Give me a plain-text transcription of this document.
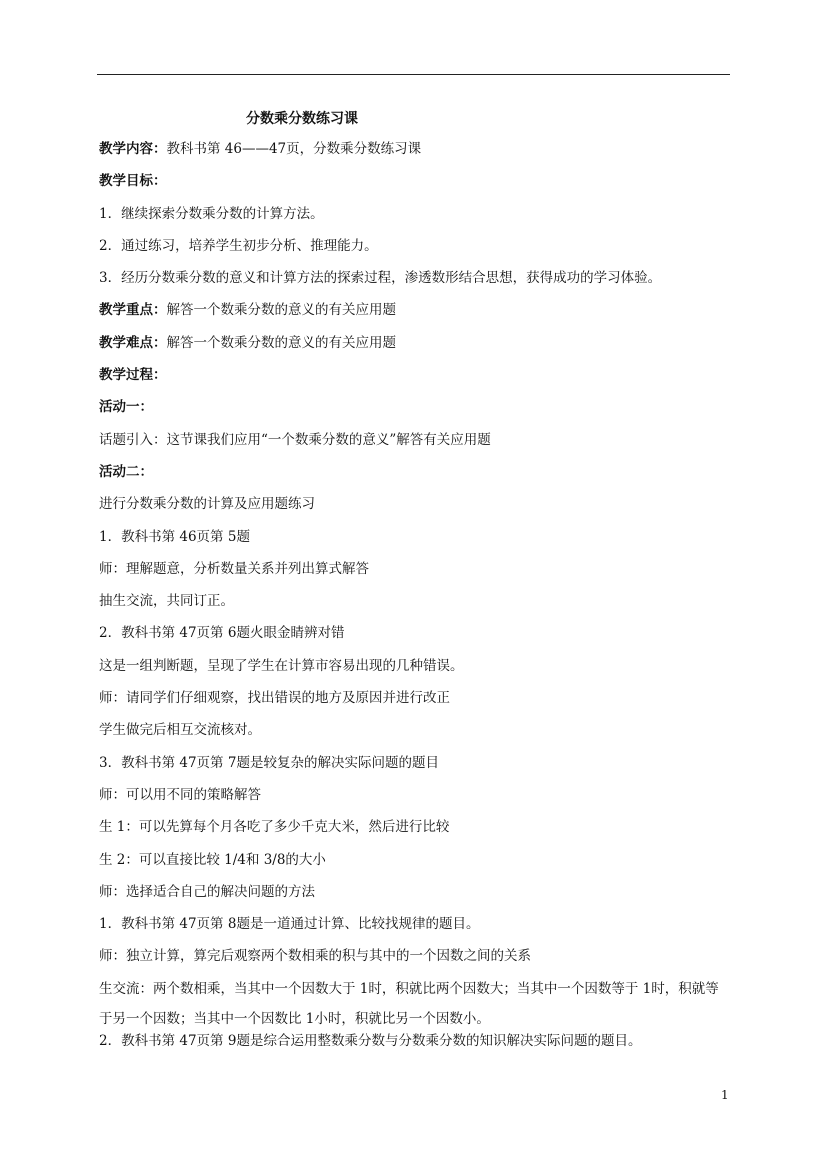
分数乘分数练习课
教学内容：教科书第 46——47页，分数乘分数练习课
教学目标：
1．继续探索分数乘分数的计算方法。
2．通过练习，培养学生初步分析、推理能力。
3．经历分数乘分数的意义和计算方法的探索过程，渗透数形结合思想，获得成功的学习体验。
教学重点：解答一个数乘分数的意义的有关应用题
教学难点：解答一个数乘分数的意义的有关应用题
教学过程：
活动一：
话题引入：这节课我们应用“一个数乘分数的意义”解答有关应用题
活动二：
进行分数乘分数的计算及应用题练习
1．教科书第 46页第 5题
师：理解题意，分析数量关系并列出算式解答
抽生交流，共同订正。
2．教科书第 47页第 6题火眼金睛辨对错
这是一组判断题，呈现了学生在计算市容易出现的几种错误。
师：请同学们仔细观察，找出错误的地方及原因并进行改正
学生做完后相互交流核对。
3．教科书第 47页第 7题是较复杂的解决实际问题的题目
师：可以用不同的策略解答
生 1：可以先算每个月各吃了多少千克大米，然后进行比较
生 2：可以直接比较 1/4和 3/8的大小
师：选择适合自己的解决问题的方法
1．教科书第 47页第 8题是一道通过计算、比较找规律的题目。
师：独立计算，算完后观察两个数相乘的积与其中的一个因数之间的关系
生交流：两个数相乘，当其中一个因数大于 1时，积就比两个因数大；当其中一个因数等于 1时，积就等于另一个因数；当其中一个因数比 1小时，积就比另一个因数小。
2．教科书第 47页第 9题是综合运用整数乘分数与分数乘分数的知识解决实际问题的题目。
1
